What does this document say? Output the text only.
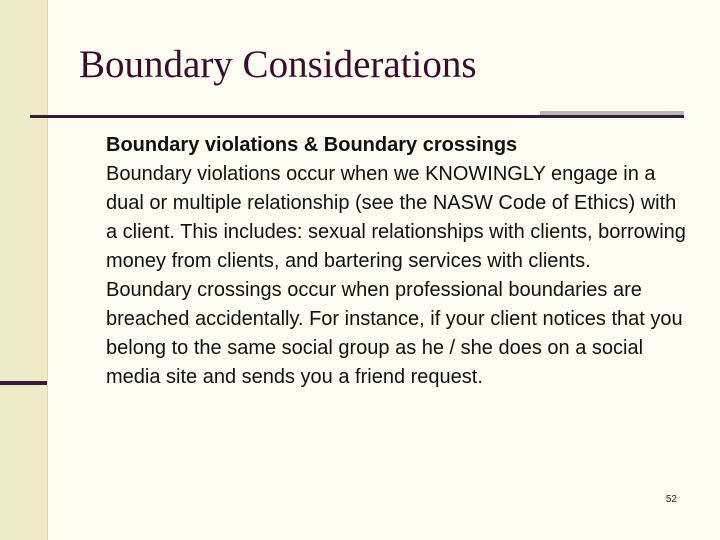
Boundary Considerations

Boundary violations & Boundary crossings

Boundary violations occur when we KNOWINGLY engage in a dual or multiple relationship (see the NASW Code of Ethics) with a client. This includes: sexual relationships with clients, borrowing money from clients, and bartering services with clients.

Boundary crossings occur when professional boundaries are breached accidentally. For instance, if your client notices that you belong to the same social group as he / she does on a social media site and sends you a friend request.

52
